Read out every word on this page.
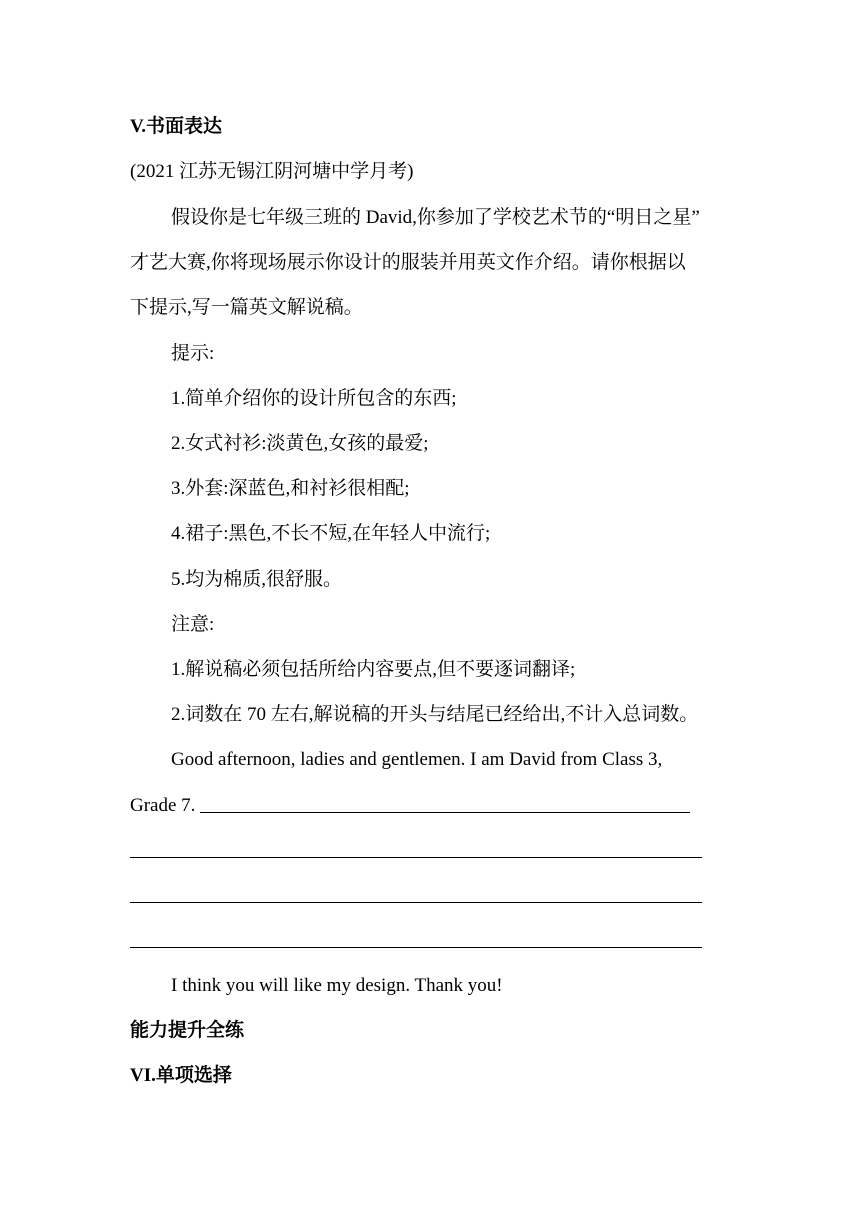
V.书面表达
(2021 江苏无锡江阴河塘中学月考)
假设你是七年级三班的 David,你参加了学校艺术节的“明日之星”
才艺大赛,你将现场展示你设计的服装并用英文作介绍。请你根据以
下提示,写一篇英文解说稿。
提示:
1.简单介绍你的设计所包含的东西;
2.女式衬衫:淡黄色,女孩的最爱;
3.外套:深蓝色,和衬衫很相配;
4.裙子:黑色,不长不短,在年轻人中流行;
5.均为棉质,很舒服。
注意:
1.解说稿必须包括所给内容要点,但不要逐词翻译;
2.词数在 70 左右,解说稿的开头与结尾已经给出,不计入总词数。
Good afternoon, ladies and gentlemen. I am David from Class 3,
Grade 7.
I think you will like my design. Thank you!
能力提升全练
VI.单项选择
